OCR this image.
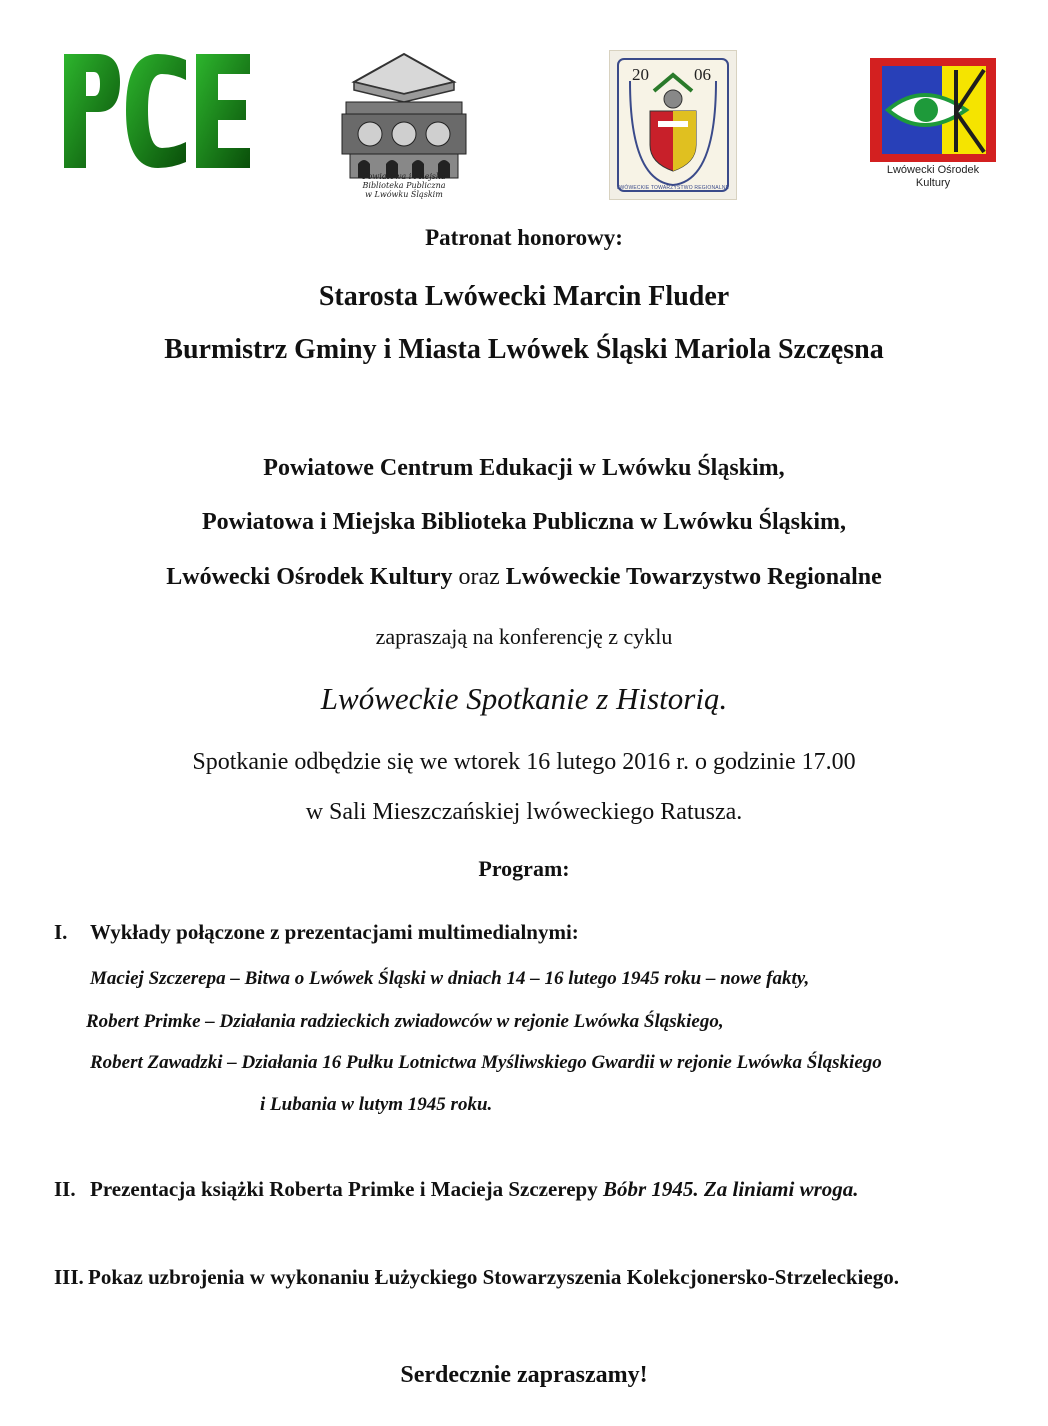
Powiatowa i Miejska
Biblioteka Publiczna
w Lwówku Śląskim
20	06
LWÓWECKIE TOWARZYSTWO REGIONALNE
Lwówecki Ośrodek
Kultury
Patronat honorowy:
Starosta Lwówecki Marcin Fluder
Burmistrz Gminy i Miasta Lwówek Śląski Mariola Szczęsna
Powiatowe Centrum Edukacji w Lwówku Śląskim,
Powiatowa i Miejska Biblioteka Publiczna w Lwówku Śląskim,
Lwówecki Ośrodek Kultury oraz Lwóweckie Towarzystwo Regionalne
zapraszają na konferencję z cyklu
Lwóweckie Spotkanie z Historią.
Spotkanie odbędzie się we wtorek 16 lutego 2016 r. o godzinie 17.00
w Sali Mieszczańskiej lwóweckiego Ratusza.
Program:
I. Wykłady połączone z prezentacjami multimedialnymi:
Maciej Szczerepa – Bitwa o Lwówek Śląski w dniach 14 – 16 lutego 1945 roku – nowe fakty,
Robert Primke – Działania radzieckich zwiadowców w rejonie Lwówka Śląskiego,
Robert Zawadzki – Działania 16 Pułku Lotnictwa Myśliwskiego Gwardii w rejonie Lwówka Śląskiego
i Lubania w lutym 1945 roku.
II. Prezentacja książki Roberta Primke i Macieja Szczerepy Bóbr 1945. Za liniami wroga.
III. Pokaz uzbrojenia w wykonaniu Łużyckiego Stowarzyszenia Kolekcjonersko-Strzeleckiego.
Serdecznie zapraszamy!
